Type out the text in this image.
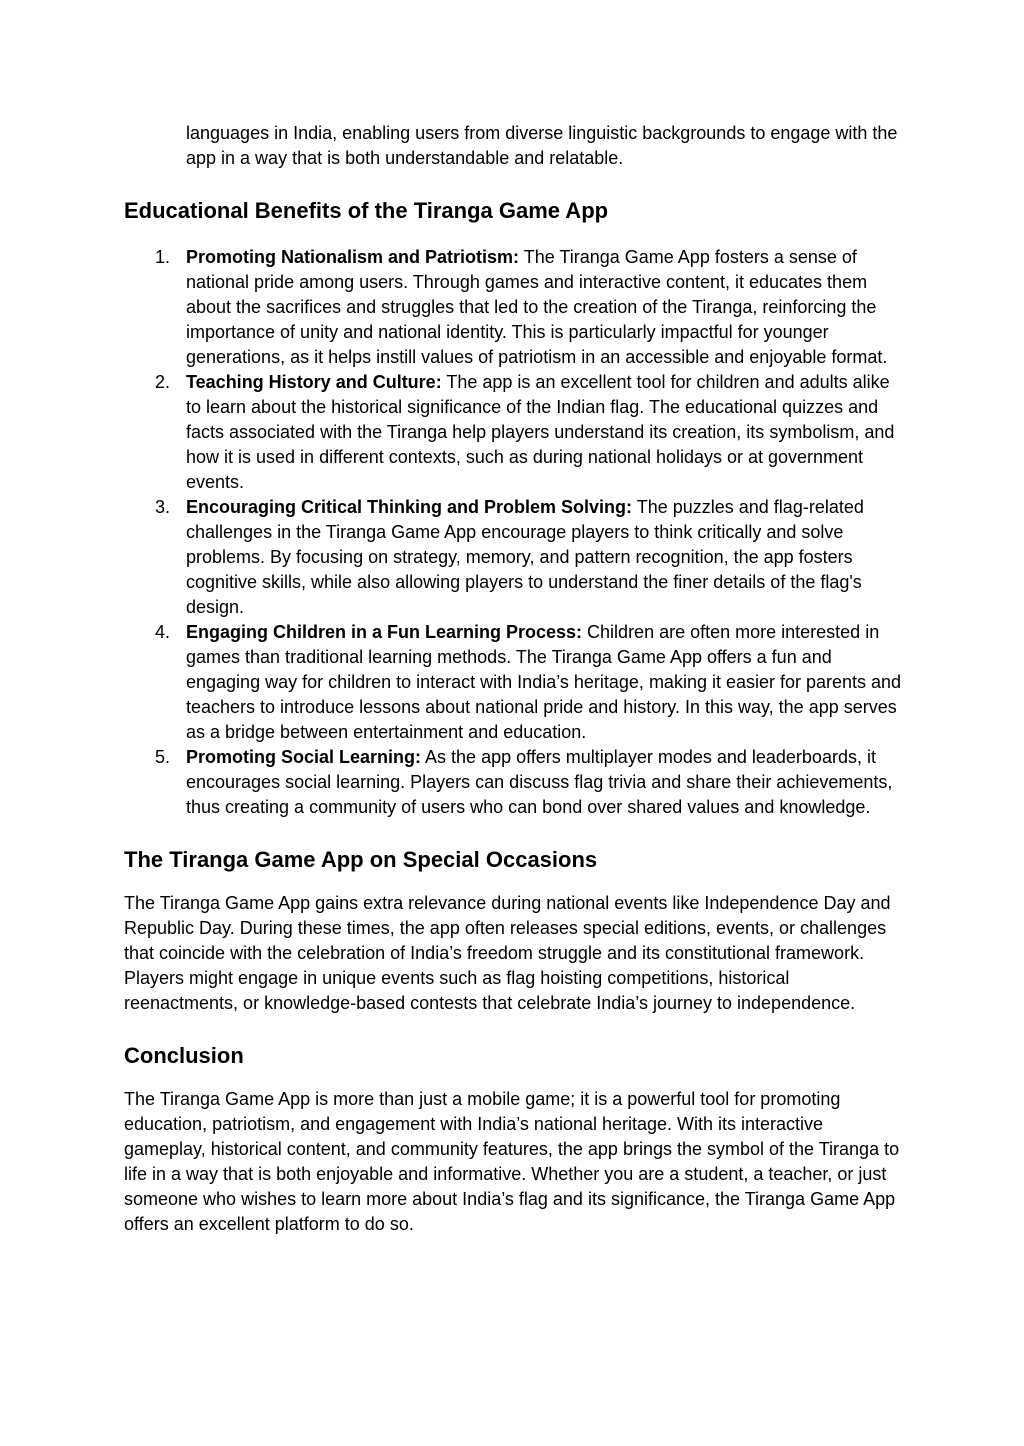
languages in India, enabling users from diverse linguistic backgrounds to engage with the app in a way that is both understandable and relatable.

Educational Benefits of the Tiranga Game App
1. Promoting Nationalism and Patriotism: The Tiranga Game App fosters a sense of national pride among users. Through games and interactive content, it educates them about the sacrifices and struggles that led to the creation of the Tiranga, reinforcing the importance of unity and national identity. This is particularly impactful for younger generations, as it helps instill values of patriotism in an accessible and enjoyable format.
2. Teaching History and Culture: The app is an excellent tool for children and adults alike to learn about the historical significance of the Indian flag. The educational quizzes and facts associated with the Tiranga help players understand its creation, its symbolism, and how it is used in different contexts, such as during national holidays or at government events.
3. Encouraging Critical Thinking and Problem Solving: The puzzles and flag-related challenges in the Tiranga Game App encourage players to think critically and solve problems. By focusing on strategy, memory, and pattern recognition, the app fosters cognitive skills, while also allowing players to understand the finer details of the flag's design.
4. Engaging Children in a Fun Learning Process: Children are often more interested in games than traditional learning methods. The Tiranga Game App offers a fun and engaging way for children to interact with India’s heritage, making it easier for parents and teachers to introduce lessons about national pride and history. In this way, the app serves as a bridge between entertainment and education.
5. Promoting Social Learning: As the app offers multiplayer modes and leaderboards, it encourages social learning. Players can discuss flag trivia and share their achievements, thus creating a community of users who can bond over shared values and knowledge.
The Tiranga Game App on Special Occasions

The Tiranga Game App gains extra relevance during national events like Independence Day and Republic Day. During these times, the app often releases special editions, events, or challenges that coincide with the celebration of India’s freedom struggle and its constitutional framework. Players might engage in unique events such as flag hoisting competitions, historical reenactments, or knowledge-based contests that celebrate India’s journey to independence.

Conclusion

The Tiranga Game App is more than just a mobile game; it is a powerful tool for promoting education, patriotism, and engagement with India’s national heritage. With its interactive gameplay, historical content, and community features, the app brings the symbol of the Tiranga to life in a way that is both enjoyable and informative. Whether you are a student, a teacher, or just someone who wishes to learn more about India’s flag and its significance, the Tiranga Game App offers an excellent platform to do so.
